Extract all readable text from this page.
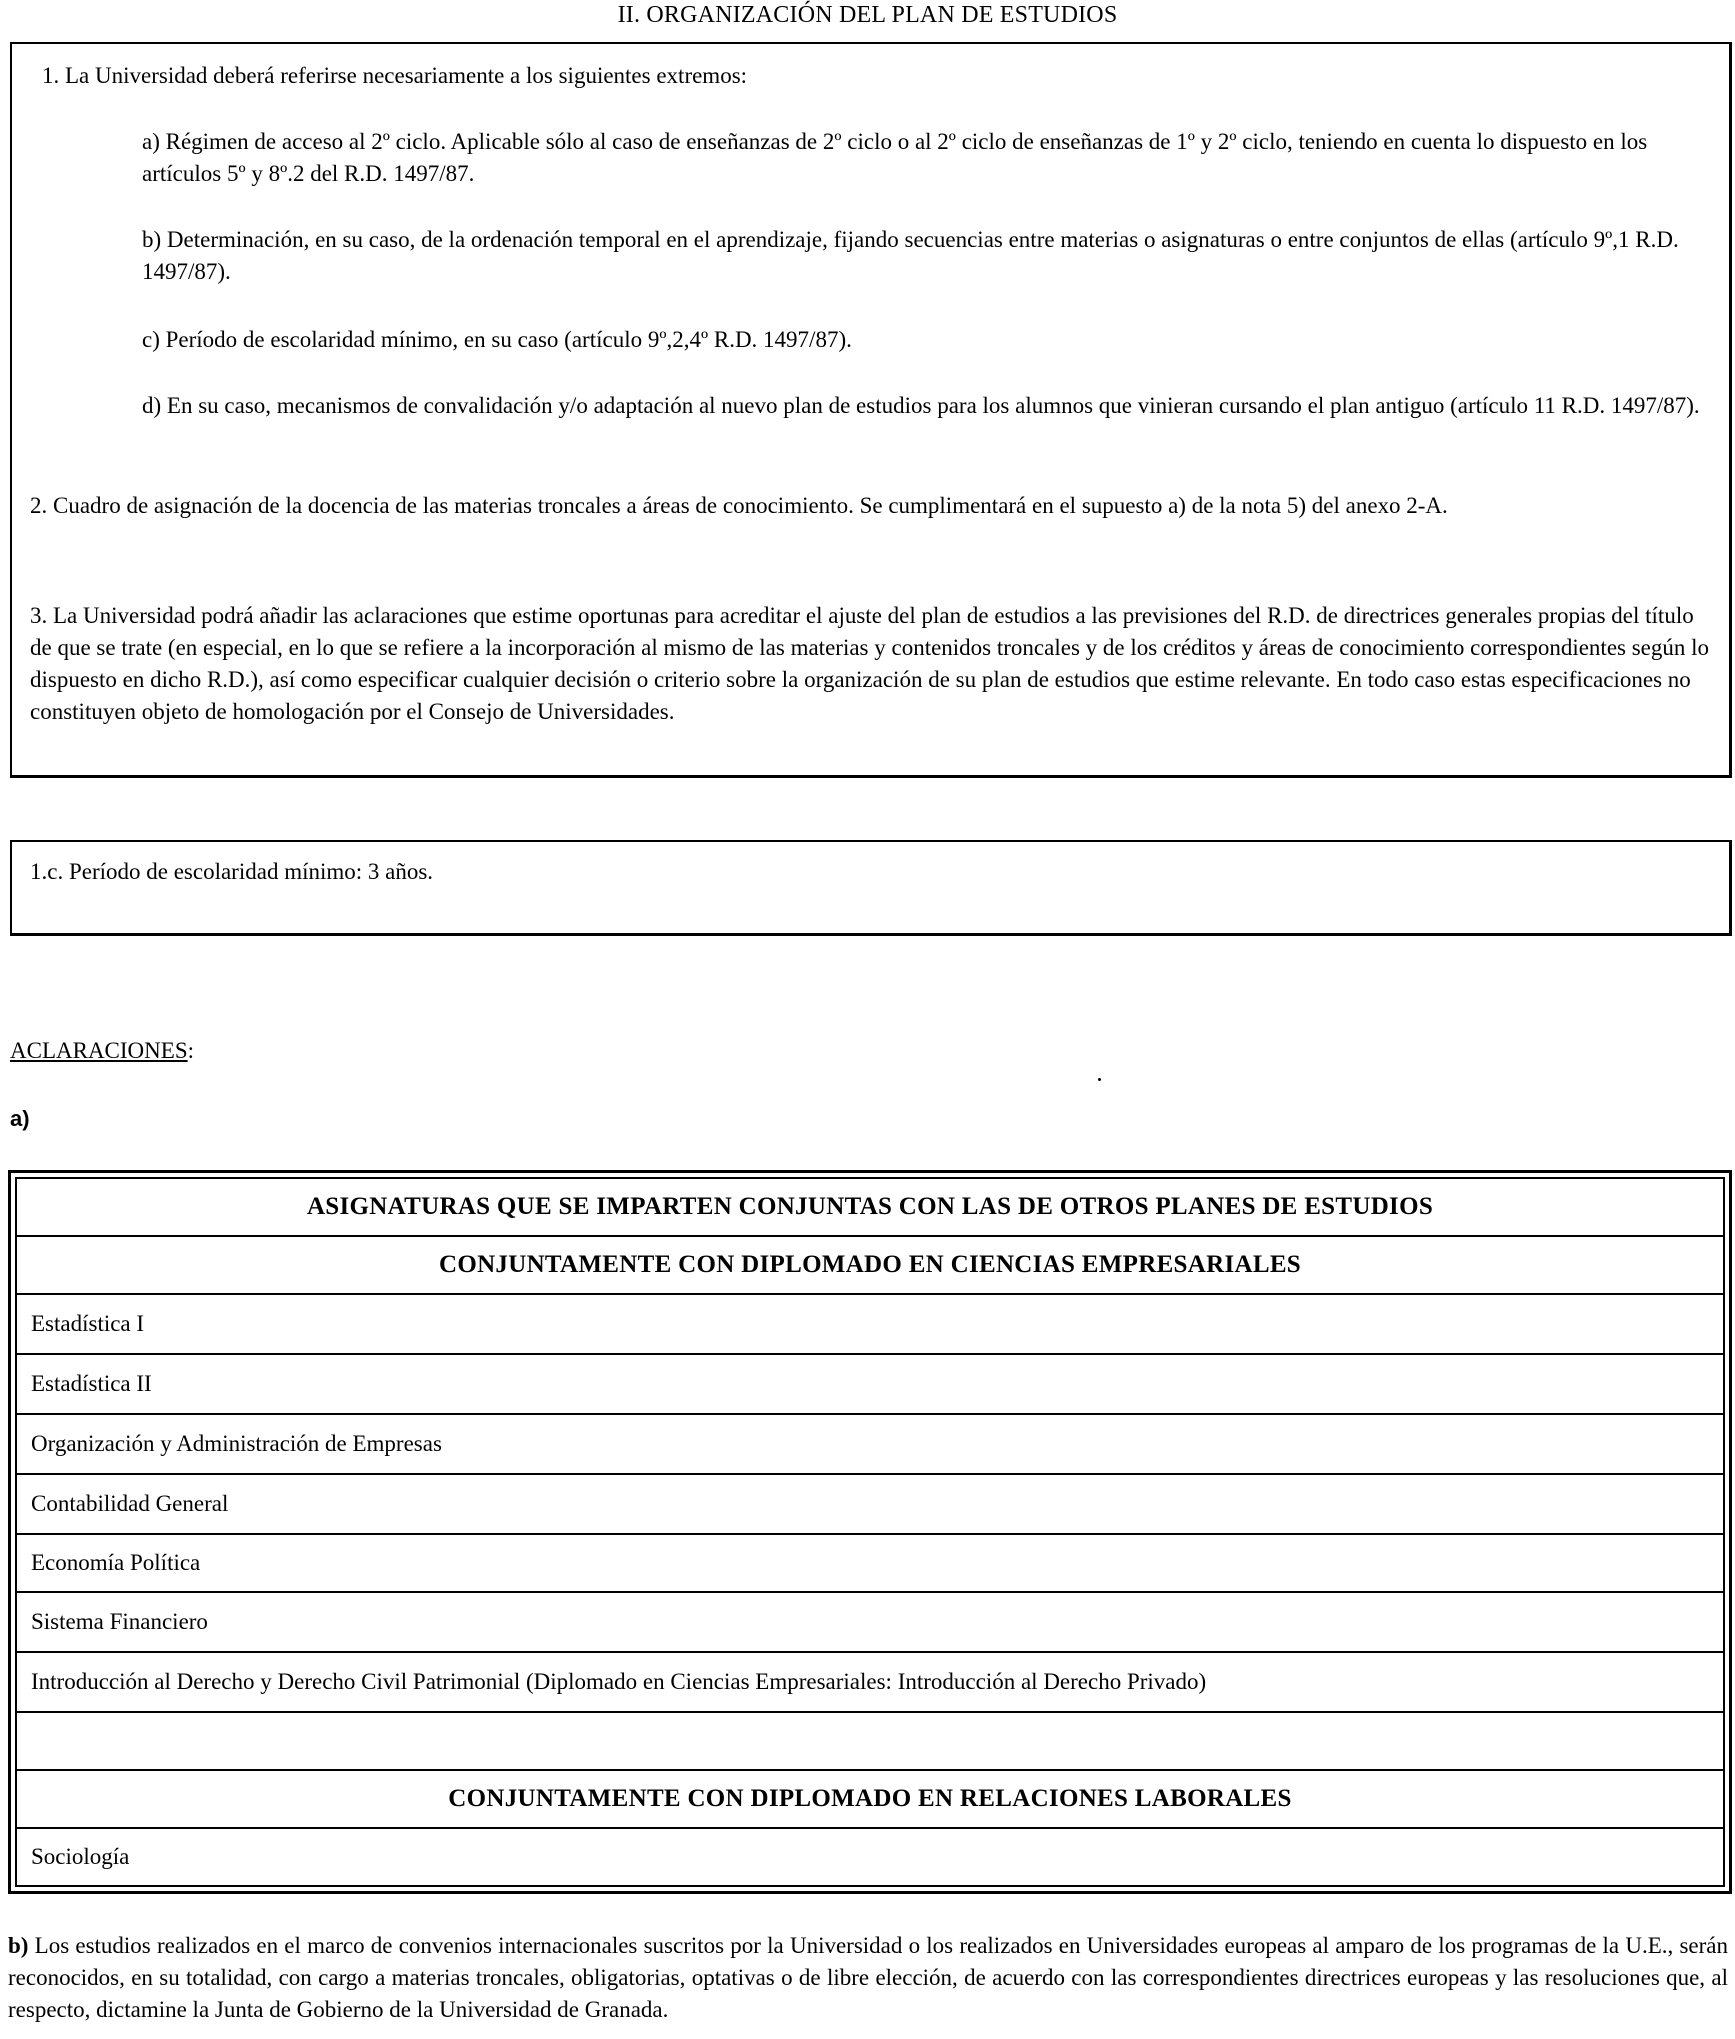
II. ORGANIZACIÓN DEL PLAN DE ESTUDIOS

1. La Universidad deberá referirse necesariamente a los siguientes extremos:

a) Régimen de acceso al 2º ciclo. Aplicable sólo al caso de enseñanzas de 2º ciclo o al 2º ciclo de enseñanzas de 1º y 2º ciclo, teniendo en cuenta lo dispuesto en los artículos 5º y 8º.2 del R.D. 1497/87.

b) Determinación, en su caso, de la ordenación temporal en el aprendizaje, fijando secuencias entre materias o asignaturas o entre conjuntos de ellas (artículo 9º,1 R.D. 1497/87).

c) Período de escolaridad mínimo, en su caso (artículo 9º,2,4º R.D. 1497/87).

d) En su caso, mecanismos de convalidación y/o adaptación al nuevo plan de estudios para los alumnos que vinieran cursando el plan antiguo (artículo 11 R.D. 1497/87).

2. Cuadro de asignación de la docencia de las materias troncales a áreas de conocimiento. Se cumplimentará en el supuesto a) de la nota 5) del anexo 2-A.

3. La Universidad podrá añadir las aclaraciones que estime oportunas para acreditar el ajuste del plan de estudios a las previsiones del R.D. de directrices generales propias del título de que se trate (en especial, en lo que se refiere a la incorporación al mismo de las materias y contenidos troncales y de los créditos y áreas de conocimiento correspondientes según lo dispuesto en dicho R.D.), así como especificar cualquier decisión o criterio sobre la organización de su plan de estudios que estime relevante. En todo caso estas especificaciones no constituyen objeto de homologación por el Consejo de Universidades.

1.c. Período de escolaridad mínimo: 3 años.

ACLARACIONES:
a)
ASIGNATURAS QUE SE IMPARTEN CONJUNTAS CON LAS DE OTROS PLANES DE ESTUDIOS
CONJUNTAMENTE CON DIPLOMADO EN CIENCIAS EMPRESARIALES
Estadística I
Estadística II
Organización y Administración de Empresas
Contabilidad General
Economía Política
Sistema Financiero
Introducción al Derecho y Derecho Civil Patrimonial (Diplomado en Ciencias Empresariales: Introducción al Derecho Privado)
CONJUNTAMENTE CON DIPLOMADO EN RELACIONES LABORALES
Sociología

b) Los estudios realizados en el marco de convenios internacionales suscritos por la Universidad o los realizados en Universidades europeas al amparo de los programas de la U.E., serán reconocidos, en su totalidad, con cargo a materias troncales, obligatorias, optativas o de libre elección, de acuerdo con las correspondientes directrices europeas y las resoluciones que, al respecto, dictamine la Junta de Gobierno de la Universidad de Granada.
